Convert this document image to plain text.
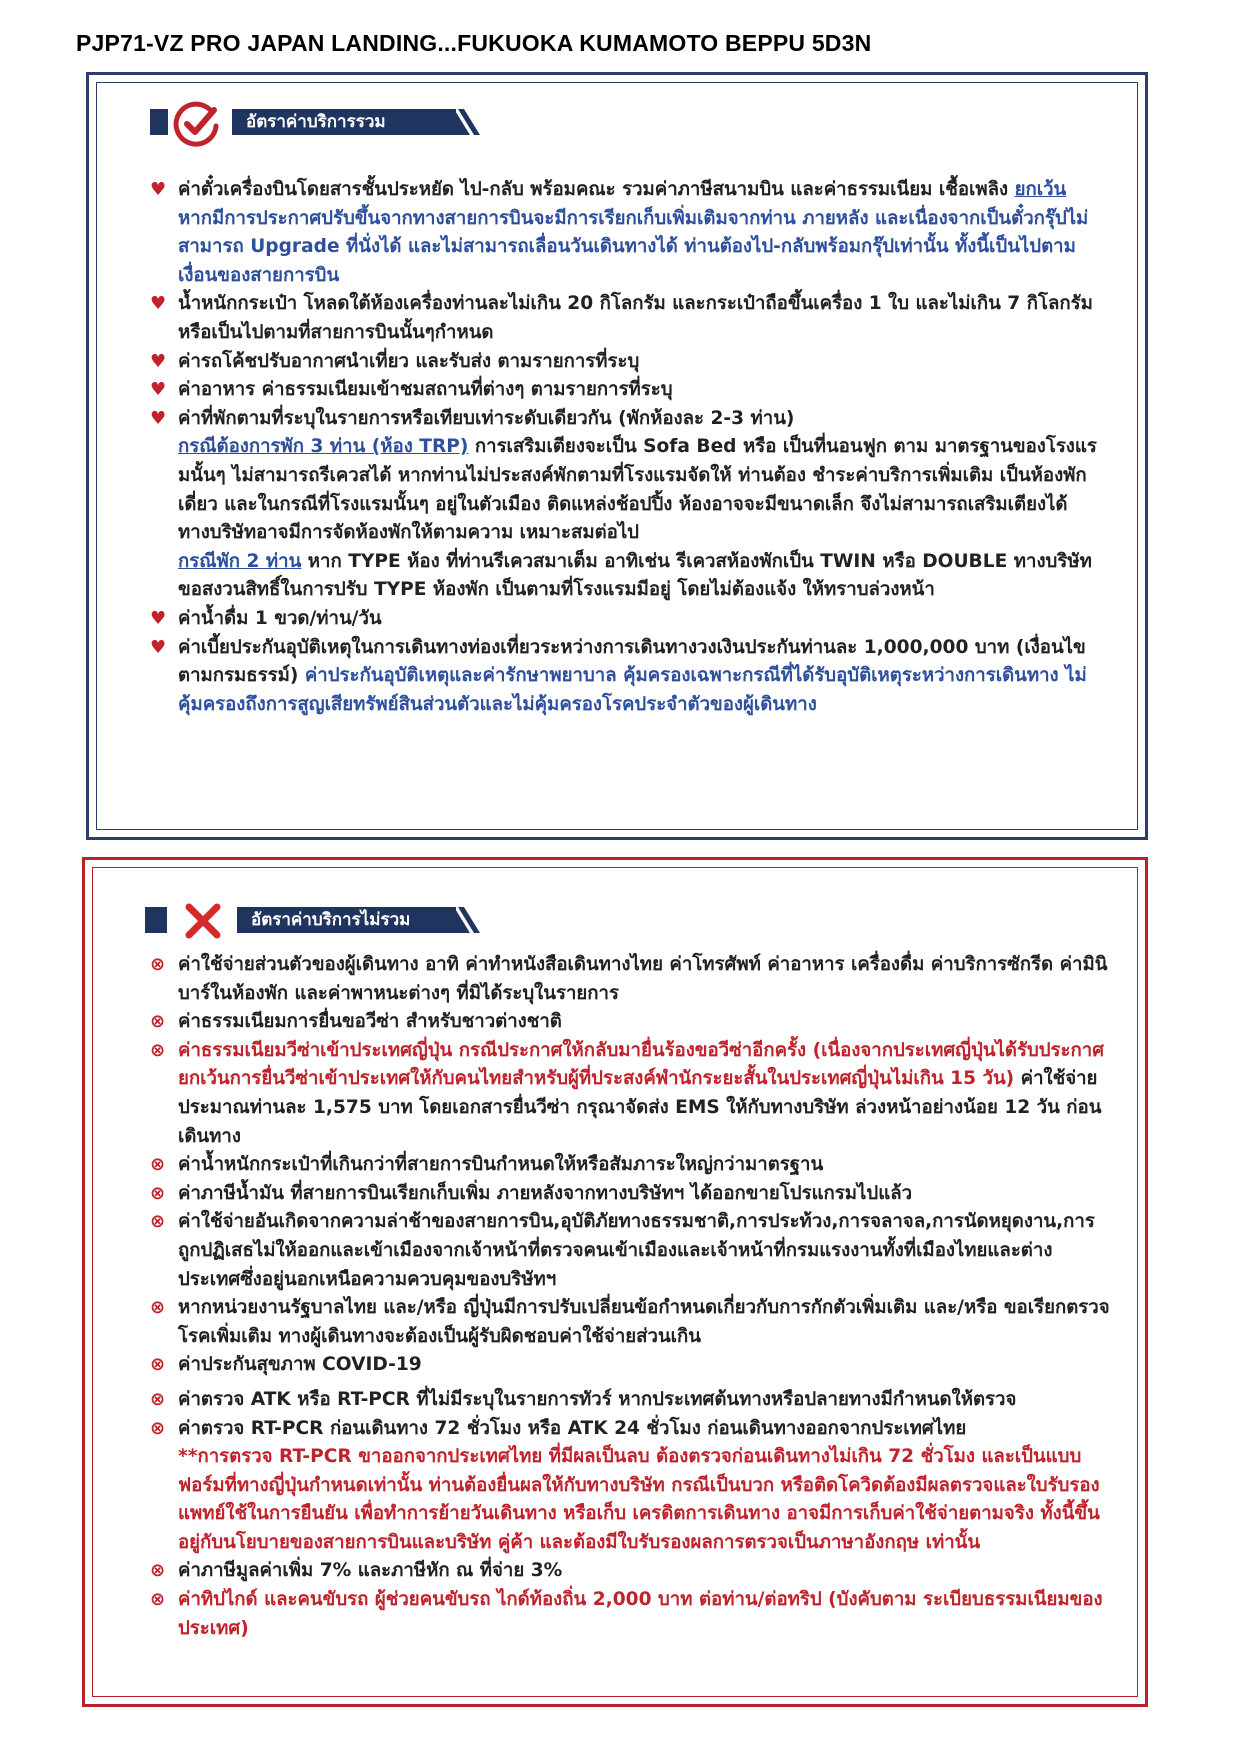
PJP71-VZ PRO JAPAN LANDING...FUKUOKA KUMAMOTO BEPPU 5D3N
อัตราค่าบริการรวม
♥ ค่าตั๋วเครื่องบินโดยสารชั้นประหยัด ไป-กลับ พร้อมคณะ รวมค่าภาษีสนามบิน และค่าธรรมเนียม เชื้อเพลิง ยกเว้นหากมีการประกาศปรับขึ้นจากทางสายการบินจะมีการเรียกเก็บเพิ่มเติมจากท่าน ภายหลัง และเนื่องจากเป็นตั๋วกรุ๊ปไม่สามารถ Upgrade ที่นั่งได้ และไม่สามารถเลื่อนวันเดินทางได้ ท่านต้องไป-กลับพร้อมกรุ๊ปเท่านั้น ทั้งนี้เป็นไปตามเงื่อนของสายการบิน
♥ น้ำหนักกระเป๋า โหลดใต้ห้องเครื่องท่านละไม่เกิน 20 กิโลกรัม และกระเป๋าถือขึ้นเครื่อง 1 ใบ และไม่เกิน 7 กิโลกรัม หรือเป็นไปตามที่สายการบินนั้นๆกำหนด
♥ ค่ารถโค้ชปรับอากาศนำเที่ยว และรับส่ง ตามรายการที่ระบุ
♥ ค่าอาหาร ค่าธรรมเนียมเข้าชมสถานที่ต่างๆ ตามรายการที่ระบุ
♥ ค่าที่พักตามที่ระบุในรายการหรือเทียบเท่าระดับเดียวกัน (พักห้องละ 2-3 ท่าน)
กรณีต้องการพัก 3 ท่าน (ห้อง TRP) การเสริมเตียงจะเป็น Sofa Bed หรือ เป็นที่นอนฟูก ตาม มาตรฐานของโรงแรมนั้นๆ ไม่สามารถรีเควสได้ หากท่านไม่ประสงค์พักตามที่โรงแรมจัดให้ ท่านต้อง ชำระค่าบริการเพิ่มเติม เป็นห้องพักเดี่ยว และในกรณีที่โรงแรมนั้นๆ อยู่ในตัวเมือง ติดแหล่งช้อปปิ้ง ห้องอาจจะมีขนาดเล็ก จึงไม่สามารถเสริมเตียงได้ ทางบริษัทอาจมีการจัดห้องพักให้ตามความ เหมาะสมต่อไป
กรณีพัก 2 ท่าน หาก TYPE ห้อง ที่ท่านรีเควสมาเต็ม อาทิเช่น รีเควสห้องพักเป็น TWIN หรือ DOUBLE ทางบริษัทขอสงวนสิทธิ์ในการปรับ TYPE ห้องพัก เป็นตามที่โรงแรมมีอยู่ โดยไม่ต้องแจ้ง ให้ทราบล่วงหน้า
♥ ค่าน้ำดื่ม 1 ขวด/ท่าน/วัน
♥ ค่าเบี้ยประกันอุบัติเหตุในการเดินทางท่องเที่ยวระหว่างการเดินทางวงเงินประกันท่านละ 1,000,000 บาท (เงื่อนไขตามกรมธรรม์) ค่าประกันอุบัติเหตุและค่ารักษาพยาบาล คุ้มครองเฉพาะกรณีที่ได้รับอุบัติเหตุระหว่างการเดินทาง ไม่คุ้มครองถึงการสูญเสียทรัพย์สินส่วนตัวและไม่คุ้มครองโรคประจำตัวของผู้เดินทาง
อัตราค่าบริการไม่รวม
⊗ ค่าใช้จ่ายส่วนตัวของผู้เดินทาง อาทิ ค่าทำหนังสือเดินทางไทย ค่าโทรศัพท์ ค่าอาหาร เครื่องดื่ม ค่าบริการซักรีด ค่ามินิบาร์ในห้องพัก และค่าพาหนะต่างๆ ที่มิได้ระบุในรายการ
⊗ ค่าธรรมเนียมการยื่นขอวีซ่า สำหรับชาวต่างชาติ
⊗ ค่าธรรมเนียมวีซ่าเข้าประเทศญี่ปุ่น กรณีประกาศให้กลับมายื่นร้องขอวีซ่าอีกครั้ง (เนื่องจากประเทศญี่ปุ่นได้รับประกาศยกเว้นการยื่นวีซ่าเข้าประเทศให้กับคนไทยสำหรับผู้ที่ประสงค์พำนักระยะสั้นในประเทศญี่ปุ่นไม่เกิน 15 วัน) ค่าใช้จ่ายประมาณท่านละ 1,575 บาท โดยเอกสารยื่นวีซ่า กรุณาจัดส่ง EMS ให้กับทางบริษัท ล่วงหน้าอย่างน้อย 12 วัน ก่อนเดินทาง
⊗ ค่าน้ำหนักกระเป๋าที่เกินกว่าที่สายการบินกำหนดให้หรือสัมภาระใหญ่กว่ามาตรฐาน
⊗ ค่าภาษีน้ำมัน ที่สายการบินเรียกเก็บเพิ่ม ภายหลังจากทางบริษัทฯ ได้ออกขายโปรแกรมไปแล้ว
⊗ ค่าใช้จ่ายอันเกิดจากความล่าช้าของสายการบิน,อุบัติภัยทางธรรมชาติ,การประท้วง,การจลาจล,การนัดหยุดงาน,การถูกปฏิเสธไม่ให้ออกและเข้าเมืองจากเจ้าหน้าที่ตรวจคนเข้าเมืองและเจ้าหน้าที่กรมแรงงานทั้งที่เมืองไทยและต่างประเทศซึ่งอยู่นอกเหนือความควบคุมของบริษัทฯ
⊗ หากหน่วยงานรัฐบาลไทย และ/หรือ ญี่ปุ่นมีการปรับเปลี่ยนข้อกำหนดเกี่ยวกับการกักตัวเพิ่มเติม และ/หรือ ขอเรียกตรวจโรคเพิ่มเติม ทางผู้เดินทางจะต้องเป็นผู้รับผิดชอบค่าใช้จ่ายส่วนเกิน
⊗ ค่าประกันสุขภาพ COVID-19
⊗ ค่าตรวจ ATK หรือ RT-PCR ที่ไม่มีระบุในรายการทัวร์ หากประเทศต้นทางหรือปลายทางมีกำหนดให้ตรวจ
⊗ ค่าตรวจ RT-PCR ก่อนเดินทาง 72 ชั่วโมง หรือ ATK 24 ชั่วโมง ก่อนเดินทางออกจากประเทศไทย
**การตรวจ RT-PCR ขาออกจากประเทศไทย ที่มีผลเป็นลบ ต้องตรวจก่อนเดินทางไม่เกิน 72 ชั่วโมง และเป็นแบบฟอร์มที่ทางญี่ปุ่นกำหนดเท่านั้น ท่านต้องยื่นผลให้กับทางบริษัท กรณีเป็นบวก หรือติดโควิดต้องมีผลตรวจและใบรับรองแพทย์ใช้ในการยืนยัน เพื่อทำการย้ายวันเดินทาง หรือเก็บ เครดิตการเดินทาง อาจมีการเก็บค่าใช้จ่ายตามจริง ทั้งนี้ขึ้นอยู่กับนโยบายของสายการบินและบริษัท คู่ค้า และต้องมีใบรับรองผลการตรวจเป็นภาษาอังกฤษ เท่านั้น
⊗ ค่าภาษีมูลค่าเพิ่ม 7% และภาษีหัก ณ ที่จ่าย 3%
⊗ ค่าทิปไกด์ และคนขับรถ ผู้ช่วยคนขับรถ ไกด์ท้องถิ่น 2,000 บาท ต่อท่าน/ต่อทริป (บังคับตาม ระเบียบธรรมเนียมของประเทศ)
